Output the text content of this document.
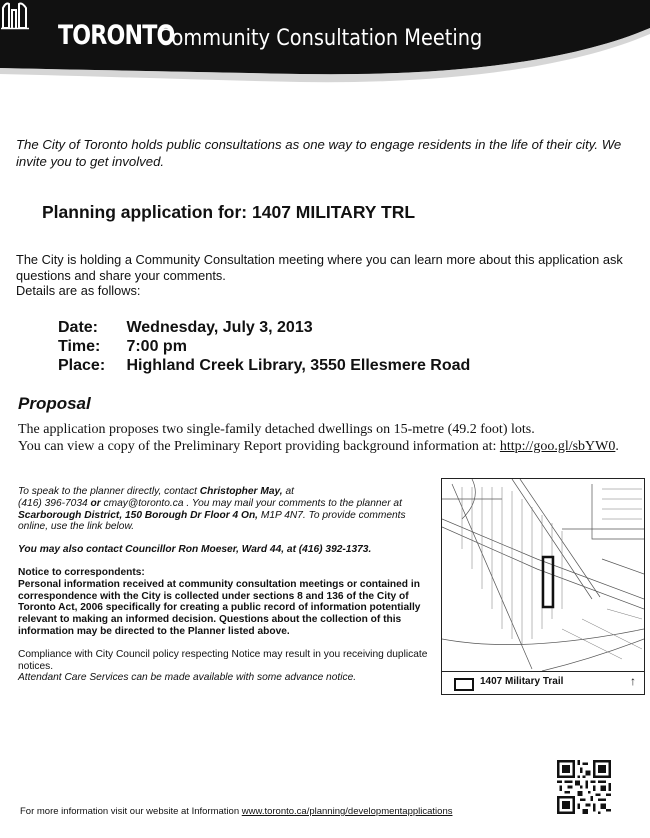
TORONTO
Community Consultation Meeting
The City of Toronto holds public consultations as one way to engage residents in the life of their city. We invite you to get involved.
Planning application for: 1407 MILITARY TRL
The City is holding a Community Consultation meeting where you can learn more about this application ask questions and share your comments.
Details are as follows:
Date: Wednesday, July 3, 2013
Time: 7:00 pm
Place: Highland Creek Library, 3550 Ellesmere Road
Proposal
The application proposes two single-family detached dwellings on 15-metre (49.2 foot) lots.
You can view a copy of the Preliminary Report providing background information at: http://goo.gl/sbYW0.

To speak to the planner directly, contact Christopher May, at
(416) 396-7034 or cmay@toronto.ca . You may mail your comments to the planner at
Scarborough District, 150 Borough Dr Floor 4 On, M1P 4N7. To provide comments online, use the link below.

You may also contact Councillor Ron Moeser, Ward 44, at (416) 392-1373.

Notice to correspondents:

Personal information received at community consultation meetings or contained in correspondence with the City is collected under sections 8 and 136 of the City of Toronto Act, 2006 specifically for creating a public record of information potentially relevant to making an informed decision. Questions about the collection of this information may be directed to the Planner listed above.

Compliance with City Council policy respecting Notice may result in you receiving duplicate notices.

Attendant Care Services can be made available with some advance notice.	1407 Military Trail	↑
For more information visit our website at Information www.toronto.ca/planning/developmentapplications
